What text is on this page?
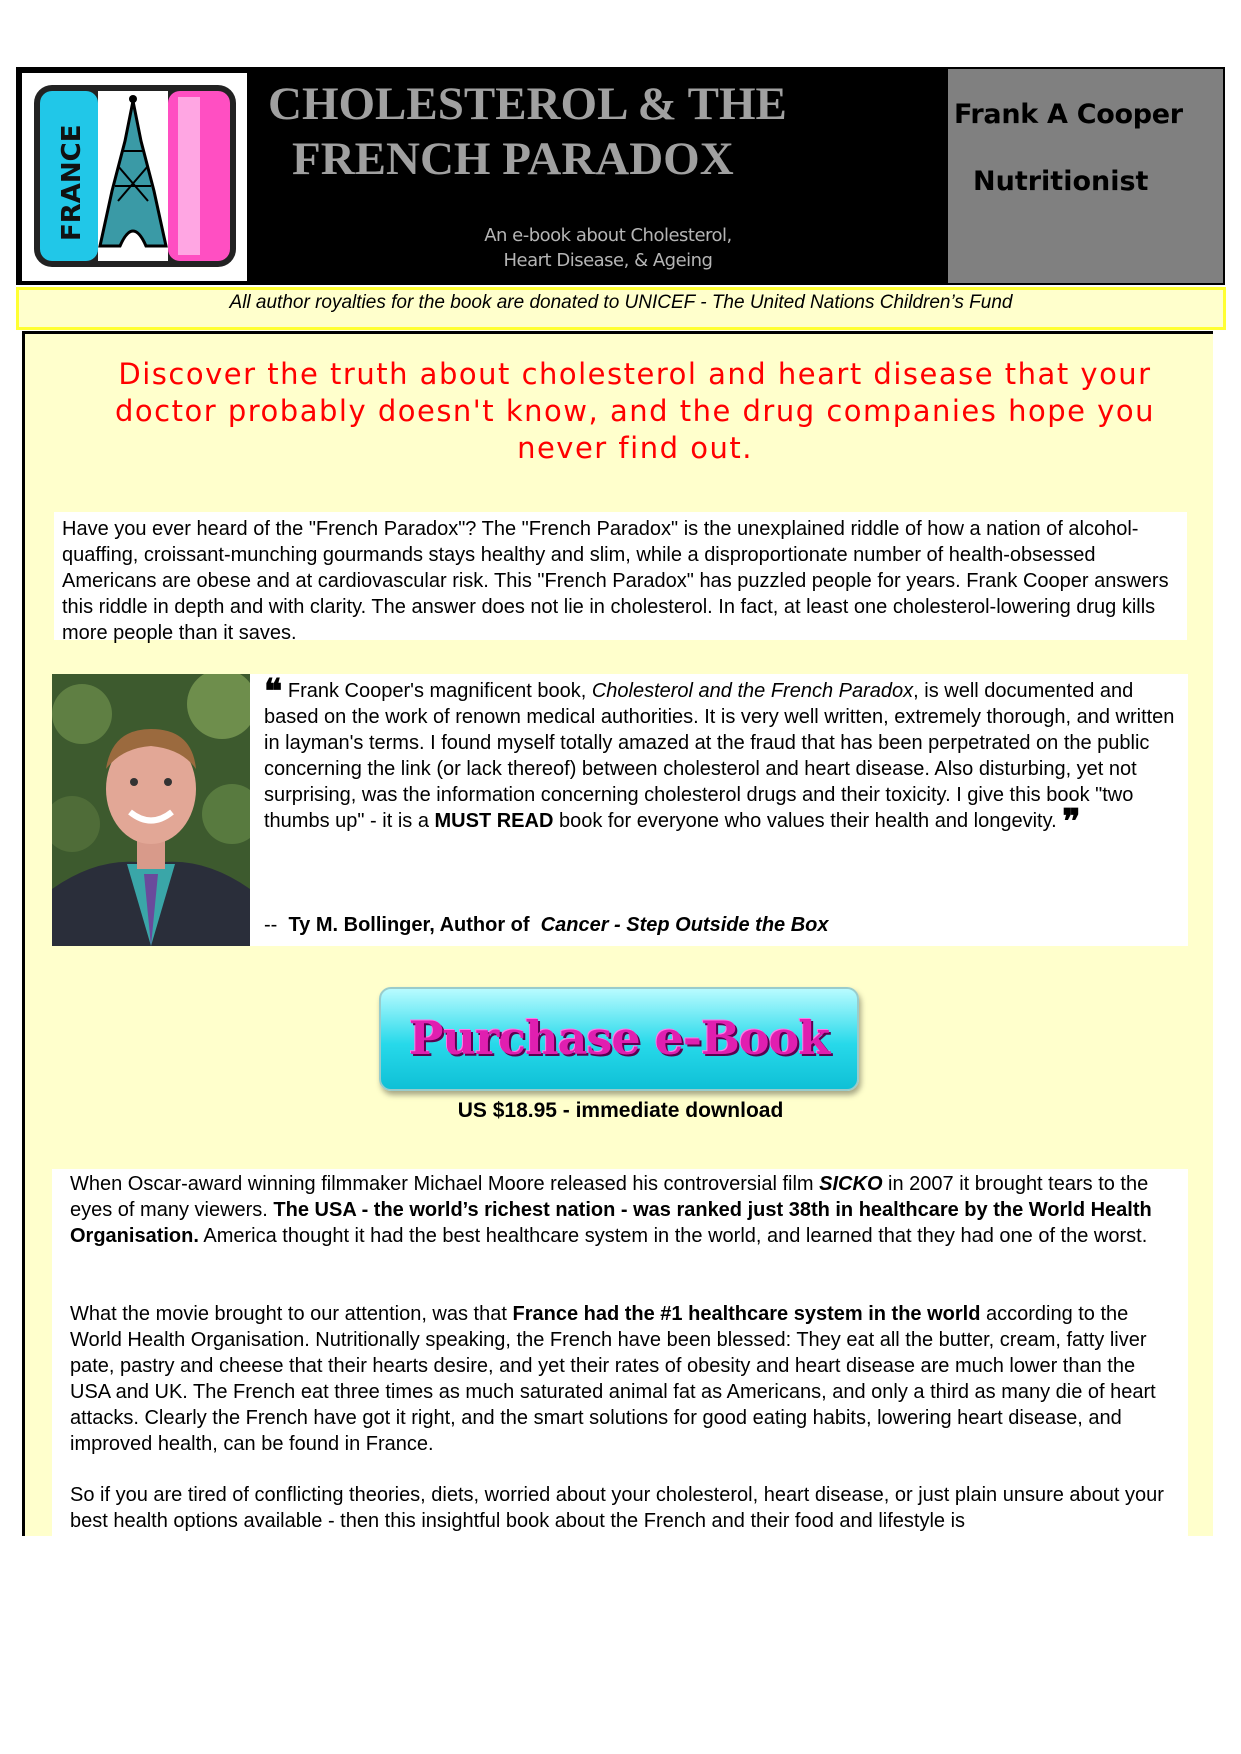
FRANCE
CHOLESTEROL & THE
FRENCH PARADOX
An e-book about Cholesterol,
Heart Disease, & Ageing
Frank A Cooper
Nutritionist
All author royalties for the book are donated to UNICEF - The United Nations Children’s Fund
Discover the truth about cholesterol and heart disease that your doctor probably doesn't know, and the drug companies hope you never find out.
Have you ever heard of the "French Paradox"? The "French Paradox" is the unexplained riddle of how a nation of alcohol-quaffing, croissant-munching gourmands stays healthy and slim, while a disproportionate number of health-obsessed Americans are obese and at cardiovascular risk. This "French Paradox" has puzzled people for years. Frank Cooper answers this riddle in depth and with clarity. The answer does not lie in cholesterol. In fact, at least one cholesterol-lowering drug kills more people than it saves.
❝ Frank Cooper's magnificent book, Cholesterol and the French Paradox, is well documented and based on the work of renown medical authorities. It is very well written, extremely thorough, and written in layman's terms. I found myself totally amazed at the fraud that has been perpetrated on the public concerning the link (or lack thereof) between cholesterol and heart disease. Also disturbing, yet not surprising, was the information concerning cholesterol drugs and their toxicity. I give this book "two thumbs up" - it is a MUST READ book for everyone who values their health and longevity. ❞
-- Ty M. Bollinger, Author of Cancer - Step Outside the Box
Purchase e-Book
US $18.95 - immediate download
When Oscar-award winning filmmaker Michael Moore released his controversial film SICKO in 2007 it brought tears to the eyes of many viewers. The USA - the world’s richest nation - was ranked just 38th in healthcare by the World Health Organisation. America thought it had the best healthcare system in the world, and learned that they had one of the worst.
What the movie brought to our attention, was that France had the #1 healthcare system in the world according to the World Health Organisation. Nutritionally speaking, the French have been blessed: They eat all the butter, cream, fatty liver pate, pastry and cheese that their hearts desire, and yet their rates of obesity and heart disease are much lower than the USA and UK. The French eat three times as much saturated animal fat as Americans, and only a third as many die of heart attacks. Clearly the French have got it right, and the smart solutions for good eating habits, lowering heart disease, and improved health, can be found in France.
So if you are tired of conflicting theories, diets, worried about your cholesterol, heart disease, or just plain unsure about your best health options available - then this insightful book about the French and their food and lifestyle is
